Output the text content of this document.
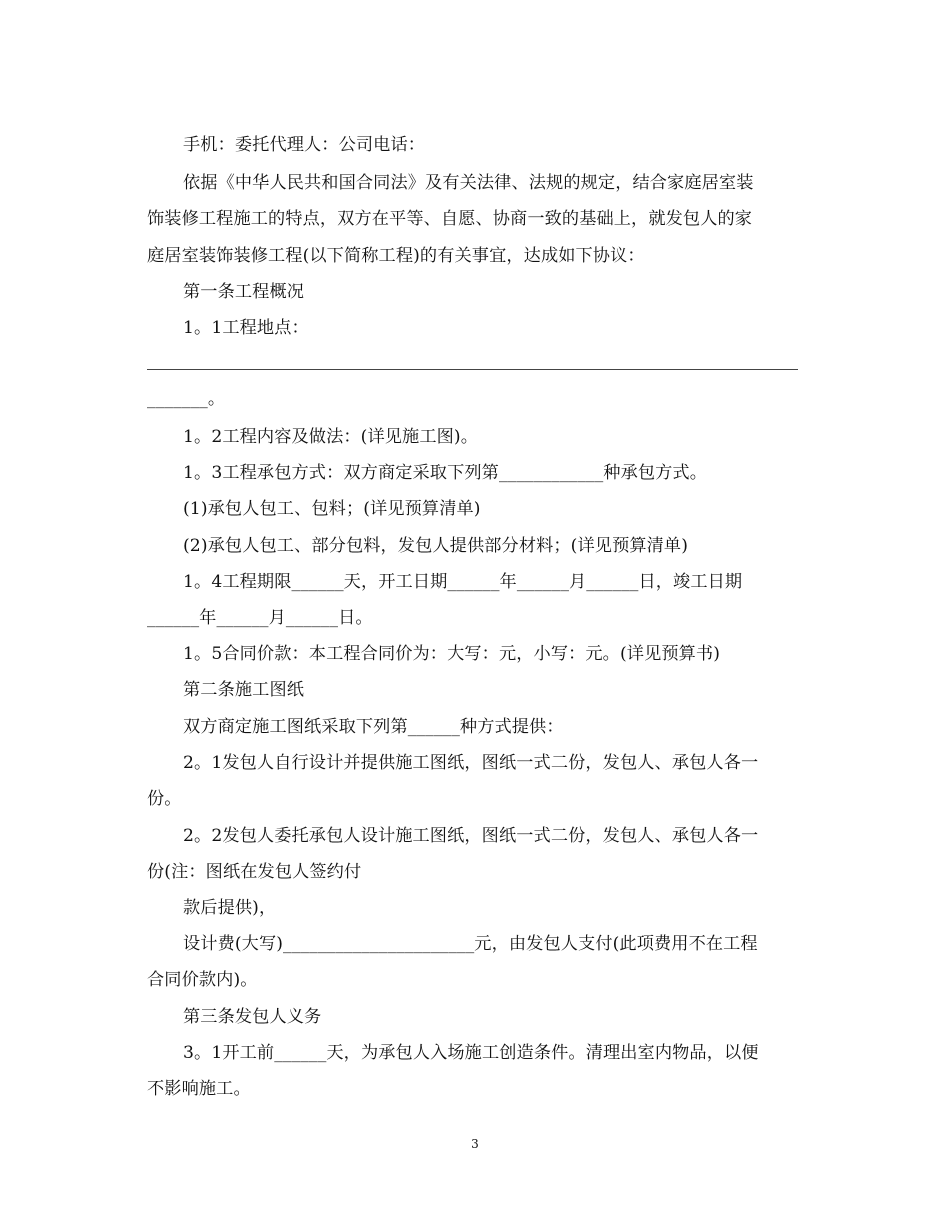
手机：委托代理人：公司电话：
依据《中华人民共和国合同法》及有关法律、法规的规定，结合家庭居室装
饰装修工程施工的特点，双方在平等、自愿、协商一致的基础上，就发包人的家
庭居室装饰装修工程(以下简称工程)的有关事宜，达成如下协议：
第一条工程概况
1。1工程地点：
_______。
1。2工程内容及做法：(详见施工图)。
1。3工程承包方式：双方商定采取下列第____________种承包方式。
(1)承包人包工、包料；(详见预算清单)
(2)承包人包工、部分包料，发包人提供部分材料；(详见预算清单)
1。4工程期限______天，开工日期______年______月______日，竣工日期
______年______月______日。
1。5合同价款：本工程合同价为：大写：元，小写：元。(详见预算书)
第二条施工图纸
双方商定施工图纸采取下列第______种方式提供：
2。1发包人自行设计并提供施工图纸，图纸一式二份，发包人、承包人各一
份。
2。2发包人委托承包人设计施工图纸，图纸一式二份，发包人、承包人各一
份(注：图纸在发包人签约付
款后提供)，
设计费(大写)______________________元，由发包人支付(此项费用不在工程
合同价款内)。
第三条发包人义务
3。1开工前______天，为承包人入场施工创造条件。清理出室内物品，以便
不影响施工。
3
